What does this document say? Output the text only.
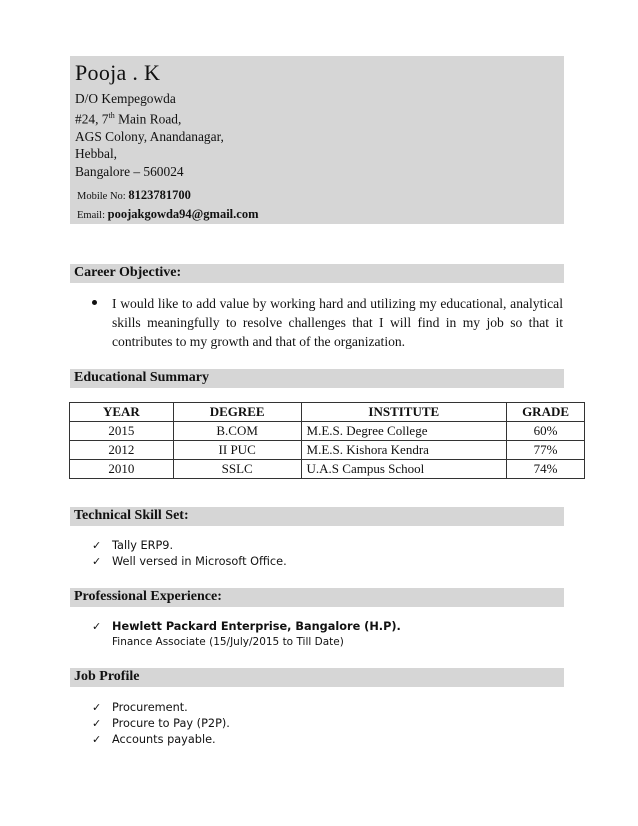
Pooja . K
D/O Kempegowda
#24, 7th Main Road,
AGS Colony, Anandanagar,
Hebbal,
Bangalore – 560024
Mobile No: 8123781700
Email: poojakgowda94@gmail.com
Career Objective:
I would like to add value by working hard and utilizing my educational, analytical skills meaningfully to resolve challenges that I will find in my job so that it contributes to my growth and that of the organization.
Educational Summary
YEAR	DEGREE	INSTITUTE	GRADE
2015	B.COM	M.E.S. Degree College	60%
2012	II PUC	M.E.S. Kishora Kendra	77%
2010	SSLC	U.A.S Campus School	74%
Technical Skill Set:
✓ Tally ERP9.
✓ Well versed in Microsoft Office.
Professional Experience:
✓ Hewlett Packard Enterprise, Bangalore (H.P).
Finance Associate (15/July/2015 to Till Date)
Job Profile
✓ Procurement.
✓ Procure to Pay (P2P).
✓ Accounts payable.
